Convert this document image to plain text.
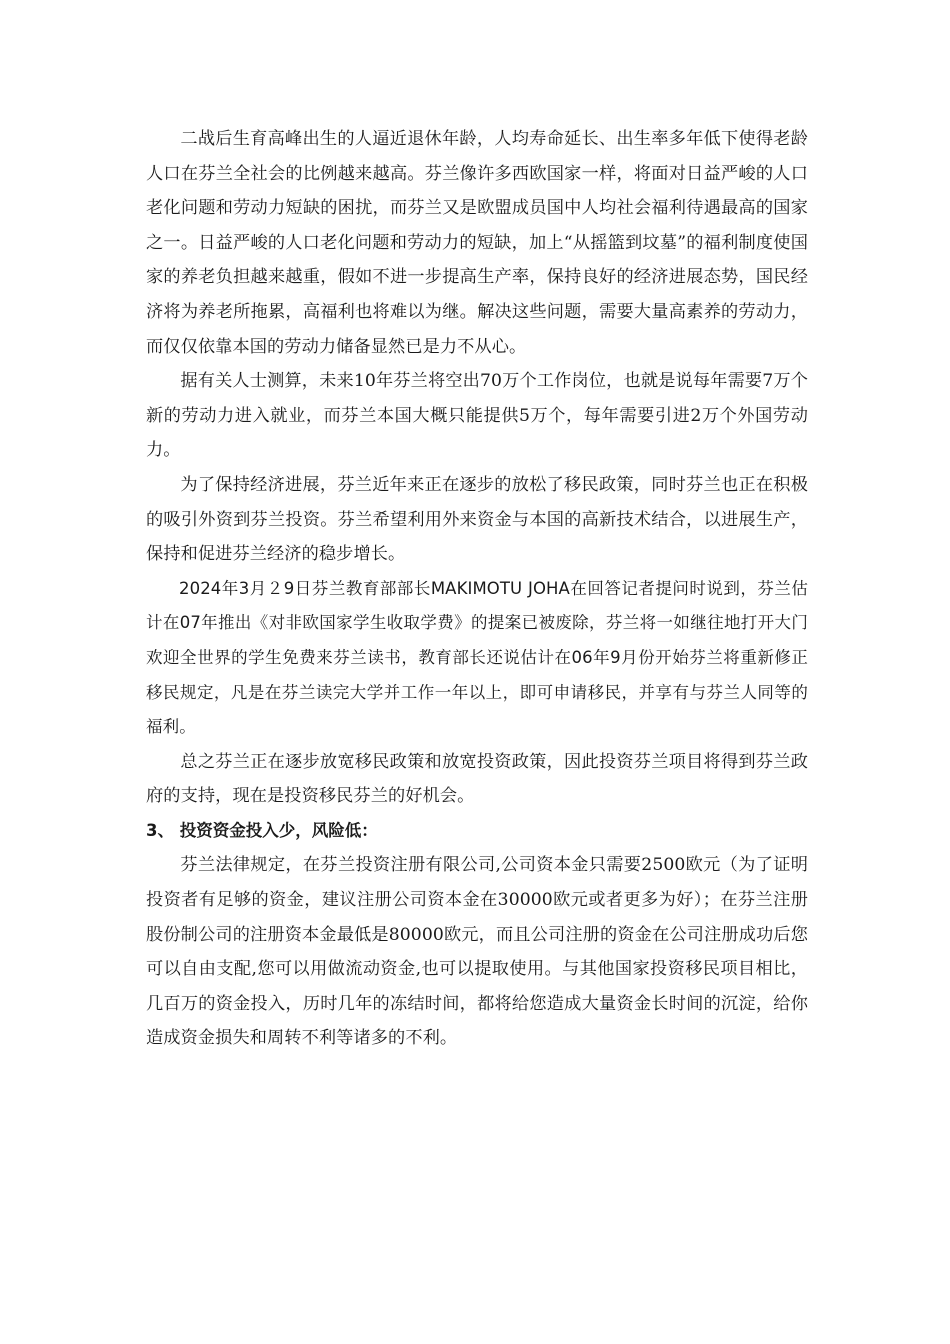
二战后生育高峰出生的人逼近退休年龄，人均寿命延长、出生率多年低下使得老龄人口在芬兰全社会的比例越来越高。芬兰像许多西欧国家一样，将面对日益严峻的人口老化问题和劳动力短缺的困扰，而芬兰又是欧盟成员国中人均社会福利待遇最高的国家之一。日益严峻的人口老化问题和劳动力的短缺，加上“从摇篮到坟墓”的福利制度使国家的养老负担越来越重，假如不进一步提高生产率，保持良好的经济进展态势，国民经济将为养老所拖累，高福利也将难以为继。解决这些问题，需要大量高素养的劳动力，而仅仅依靠本国的劳动力储备显然已是力不从心。

据有关人士测算，未来10年芬兰将空出70万个工作岗位，也就是说每年需要7万个新的劳动力进入就业，而芬兰本国大概只能提供5万个，每年需要引进2万个外国劳动力。

为了保持经济进展，芬兰近年来正在逐步的放松了移民政策，同时芬兰也正在积极的吸引外资到芬兰投资。芬兰希望利用外来资金与本国的高新技术结合，以进展生产，保持和促进芬兰经济的稳步增长。

2024年3月２9日芬兰教育部部长MAKIMOTU JOHA在回答记者提问时说到，芬兰估计在07年推出《对非欧国家学生收取学费》的提案已被废除，芬兰将一如继往地打开大门欢迎全世界的学生免费来芬兰读书，教育部长还说估计在06年9月份开始芬兰将重新修正移民规定，凡是在芬兰读完大学并工作一年以上，即可申请移民，并享有与芬兰人同等的福利。

总之芬兰正在逐步放宽移民政策和放宽投资政策，因此投资芬兰项目将得到芬兰政府的支持，现在是投资移民芬兰的好机会。

3、 投资资金投入少，风险低：

芬兰法律规定，在芬兰投资注册有限公司,公司资本金只需要2500欧元（为了证明投资者有足够的资金，建议注册公司资本金在30000欧元或者更多为好）；在芬兰注册股份制公司的注册资本金最低是80000欧元，而且公司注册的资金在公司注册成功后您可以自由支配,您可以用做流动资金,也可以提取使用。与其他国家投资移民项目相比，几百万的资金投入，历时几年的冻结时间，都将给您造成大量资金长时间的沉淀，给你造成资金损失和周转不利等诸多的不利。
